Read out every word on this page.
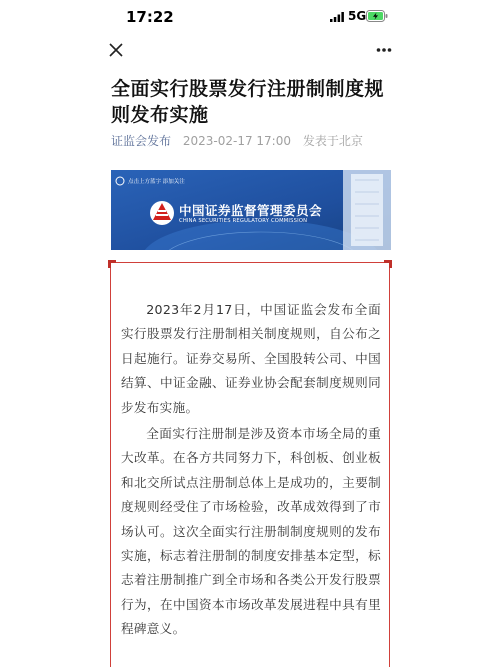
17:22	5G
全面实行股票发行注册制制度规则发布实施
证监会发布 2023-02-17 17:00 发表于北京
点击上方蓝字 添加关注
中国证券监督管理委员会
CHINA SECURITIES REGULATORY COMMISSION

2023年2月17日，中国证监会发布全面实行股票发行注册制相关制度规则，自公布之日起施行。证券交易所、全国股转公司、中国结算、中证金融、证券业协会配套制度规则同步发布实施。

全面实行注册制是涉及资本市场全局的重大改革。在各方共同努力下，科创板、创业板和北交所试点注册制总体上是成功的，主要制度规则经受住了市场检验，改革成效得到了市场认可。这次全面实行注册制制度规则的发布实施，标志着注册制的制度安排基本定型，标志着注册制推广到全市场和各类公开发行股票行为，在中国资本市场改革发展进程中具有里程碑意义。
